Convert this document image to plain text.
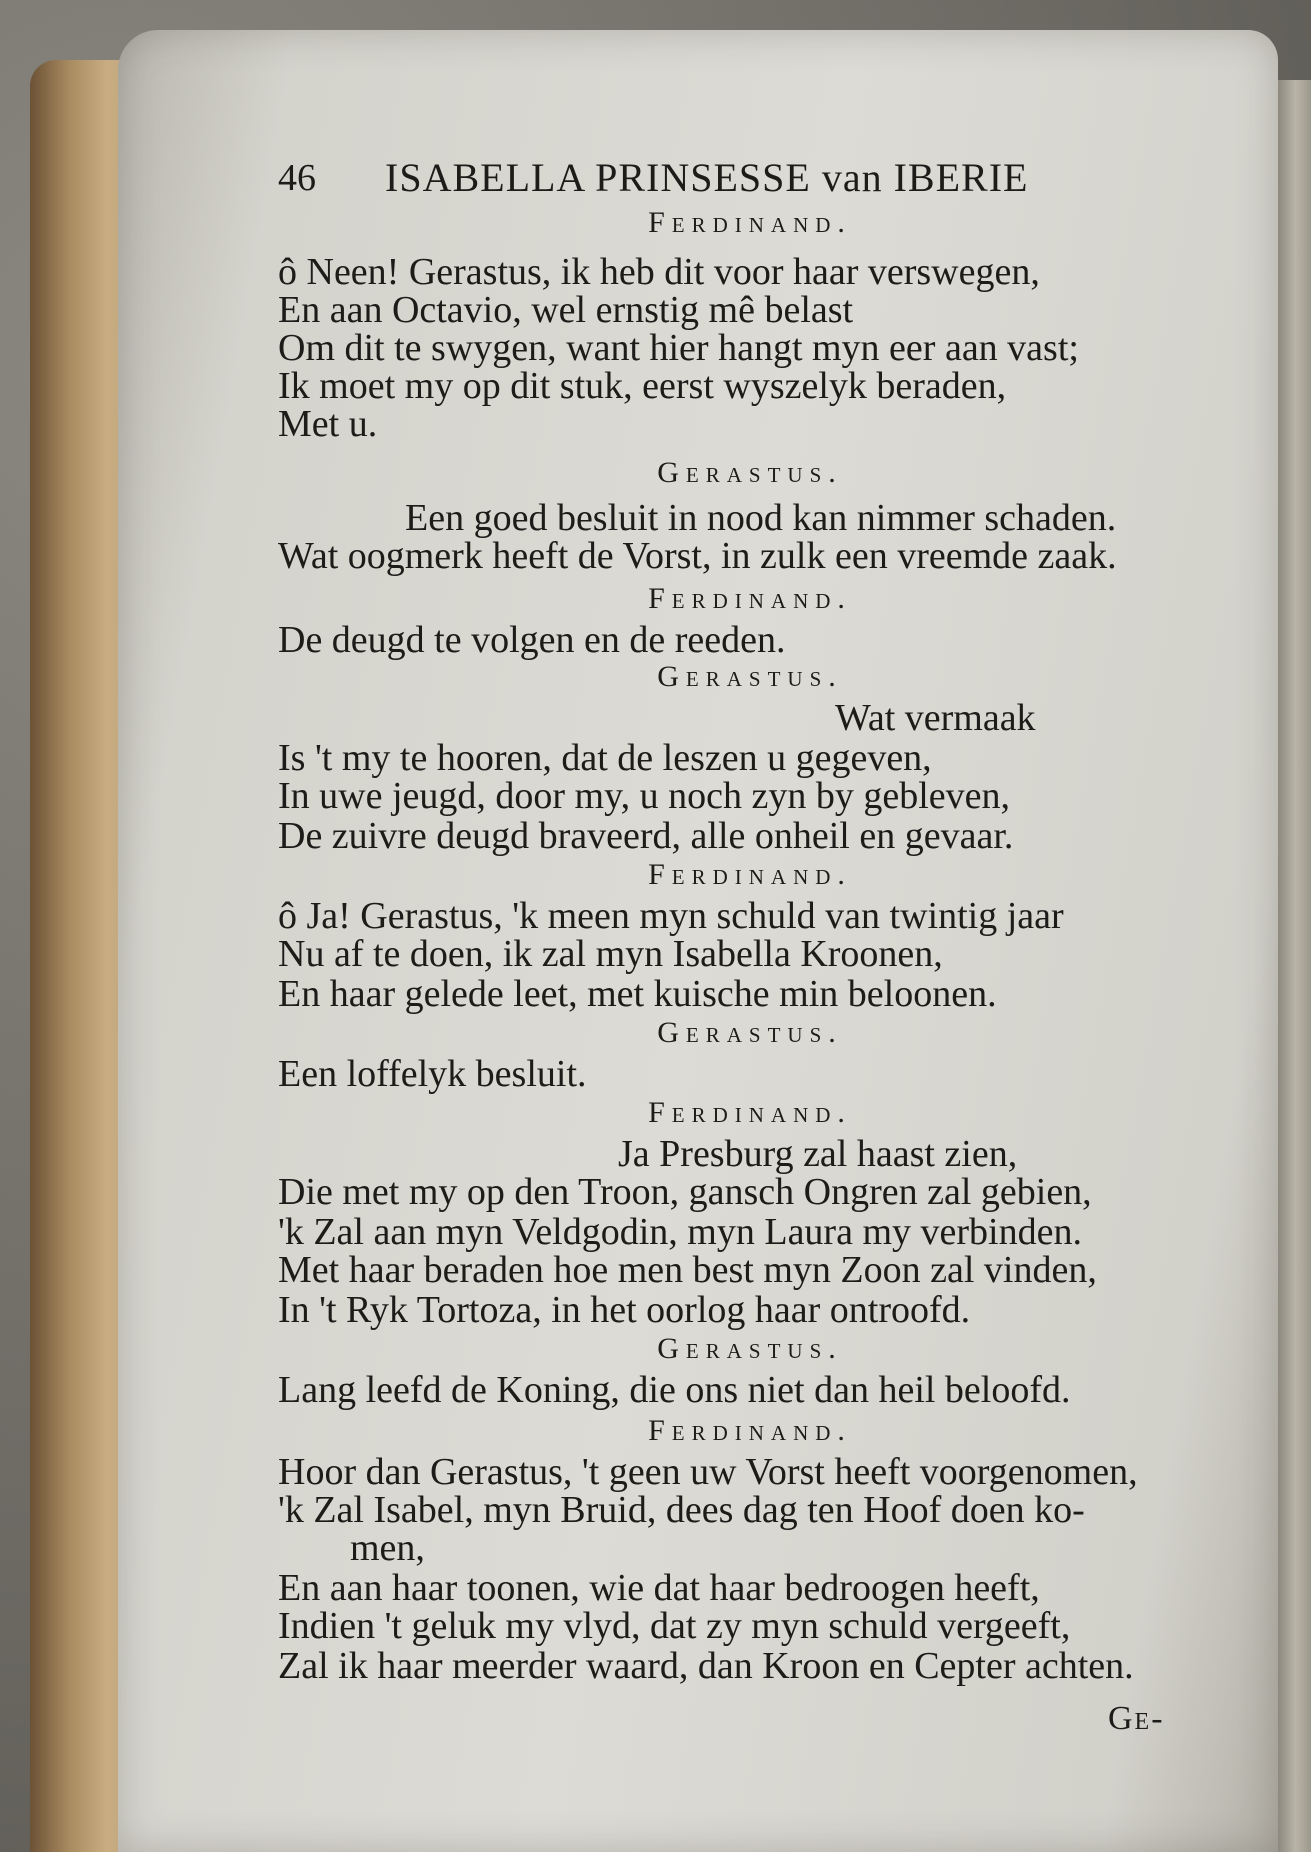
46 ISABELLA PRINSESSE van IBERIE
Ferdinand.
ô Neen! Gerastus, ik heb dit voor haar verswegen,
En aan Octavio, wel ernstig mê belast
Om dit te swygen, want hier hangt myn eer aan vast;
Ik moet my op dit stuk, eerst wyszelyk beraden,
Met u.
Gerastus.
Een goed besluit in nood kan nimmer schaden.
Wat oogmerk heeft de Vorst, in zulk een vreemde zaak.
Ferdinand.
De deugd te volgen en de reeden.
Gerastus.
Wat vermaak
Is 't my te hooren, dat de leszen u gegeven,
In uwe jeugd, door my, u noch zyn by gebleven,
De zuivre deugd braveerd, alle onheil en gevaar.
Ferdinand.
ô Ja! Gerastus, 'k meen myn schuld van twintig jaar
Nu af te doen, ik zal myn Isabella Kroonen,
En haar gelede leet, met kuische min beloonen.
Gerastus.
Een loffelyk besluit.
Ferdinand.
Ja Presburg zal haast zien,
Die met my op den Troon, gansch Ongren zal gebien,
'k Zal aan myn Veldgodin, myn Laura my verbinden.
Met haar beraden hoe men best myn Zoon zal vinden,
In 't Ryk Tortoza, in het oorlog haar ontroofd.
Gerastus.
Lang leefd de Koning, die ons niet dan heil beloofd.
Ferdinand.
Hoor dan Gerastus, 't geen uw Vorst heeft voorgenomen,
'k Zal Isabel, myn Bruid, dees dag ten Hoof doen ko-
men,
En aan haar toonen, wie dat haar bedroogen heeft,
Indien 't geluk my vlyd, dat zy myn schuld vergeeft,
Zal ik haar meerder waard, dan Kroon en Cepter achten.
Ge-
